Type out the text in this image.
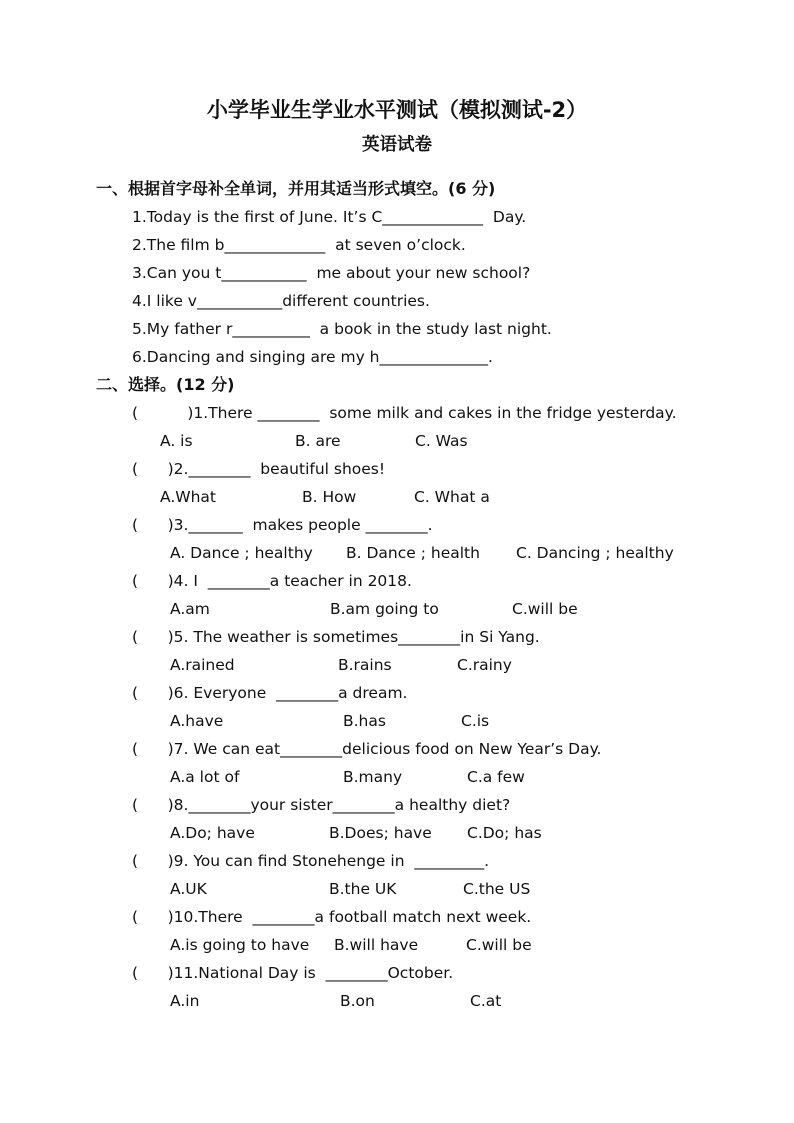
小学毕业生学业水平测试（模拟测试-2）
英语试卷
一、根据首字母补全单词，并用其适当形式填空。(6 分)
1.Today is the first of June. It’s C_____________  Day.
2.The film b_____________  at seven o’clock.
3.Can you t___________  me about your new school?
4.I like v___________different countries.
5.My father r__________  a book in the study last night.
6.Dancing and singing are my h______________.
二、选择。(12 分)
(          )1.There ________  some milk and cakes in the fridge yesterday.
A. is	B. are	C. Was
(      )2.________  beautiful shoes!
A.What	B. How	C. What a
(      )3._______  makes people ________.
A. Dance ; healthy B. Dance ; health C. Dancing ; healthy
(      )4. I  ________a teacher in 2018.
A.am	B.am going to	C.will be
(      )5. The weather is sometimes________in Si Yang.
A.rained	B.rains	C.rainy
(      )6. Everyone  ________a dream.
A.have	B.has	C.is
(      )7. We can eat________delicious food on New Year’s Day.
A.a lot of	B.many	C.a few
(      )8.________your sister________a healthy diet?
A.Do; have	B.Does; have C.Do; has
(      )9. You can find Stonehenge in  _________.
A.UK	B.the UK	C.the US
(      )10.There  ________a football match next week.
A.is going to have B.will have	C.will be
(      )11.National Day is  ________October.
A.in	B.on	C.at
